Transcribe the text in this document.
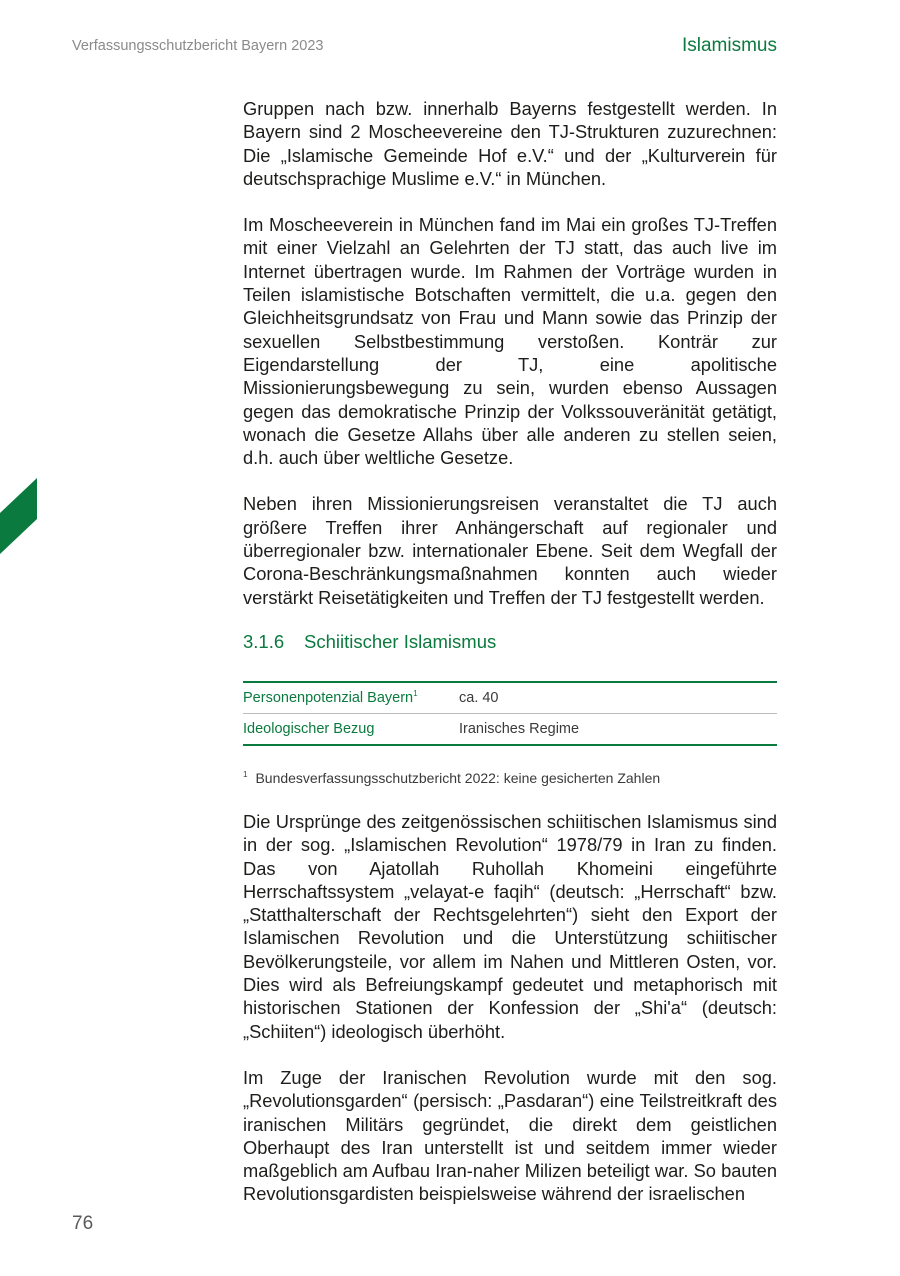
Verfassungsschutzbericht Bayern 2023	Islamismus

Gruppen nach bzw. innerhalb Bayerns festgestellt werden. In Bayern sind 2 Moscheevereine den TJ-Strukturen zuzurechnen: Die „Islamische Gemeinde Hof e.V.“ und der „Kulturverein für deutschsprachige Muslime e.V.“ in München.

Im Moscheeverein in München fand im Mai ein großes TJ-Treffen mit einer Vielzahl an Gelehrten der TJ statt, das auch live im Internet übertragen wurde. Im Rahmen der Vorträge wurden in Teilen islamistische Botschaften vermittelt, die u.a. gegen den Gleichheitsgrundsatz von Frau und Mann sowie das Prinzip der sexuellen Selbstbestimmung verstoßen. Konträr zur Eigendarstellung der TJ, eine apolitische Missionierungsbewegung zu sein, wurden ebenso Aussagen gegen das demokratische Prinzip der Volkssouveränität getätigt, wonach die Gesetze Allahs über alle anderen zu stellen seien, d.h. auch über weltliche Gesetze.

Neben ihren Missionierungsreisen veranstaltet die TJ auch größere Treffen ihrer Anhängerschaft auf regionaler und überregionaler bzw. internationaler Ebene. Seit dem Wegfall der Corona-Beschränkungsmaßnahmen konnten auch wieder verstärkt Reisetätigkeiten und Treffen der TJ festgestellt werden.

3.1.6	Schiitischer Islamismus
Personenpotenzial Bayern$^1$	ca. 40
Ideologischer Bezug	Iranisches Regime

$^1$ Bundesverfassungsschutzbericht 2022: keine gesicherten Zahlen

Die Ursprünge des zeitgenössischen schiitischen Islamismus sind in der sog. „Islamischen Revolution“ 1978/79 in Iran zu finden. Das von Ajatollah Ruhollah Khomeini eingeführte Herrschaftssystem „velayat-e faqih“ (deutsch: „Herrschaft“ bzw. „Statthalterschaft der Rechtsgelehrten“) sieht den Export der Islamischen Revolution und die Unterstützung schiitischer Bevölkerungsteile, vor allem im Nahen und Mittleren Osten, vor. Dies wird als Befreiungskampf gedeutet und metaphorisch mit historischen Stationen der Konfession der „Shi'a“ (deutsch: „Schiiten“) ideologisch überhöht.

Im Zuge der Iranischen Revolution wurde mit den sog. „Revolutionsgarden“ (persisch: „Pasdaran“) eine Teilstreitkraft des iranischen Militärs gegründet, die direkt dem geistlichen Oberhaupt des Iran unterstellt ist und seitdem immer wieder maßgeblich am Aufbau Iran-naher Milizen beteiligt war. So bauten Revolutionsgardisten beispielsweise während der israelischen

76
